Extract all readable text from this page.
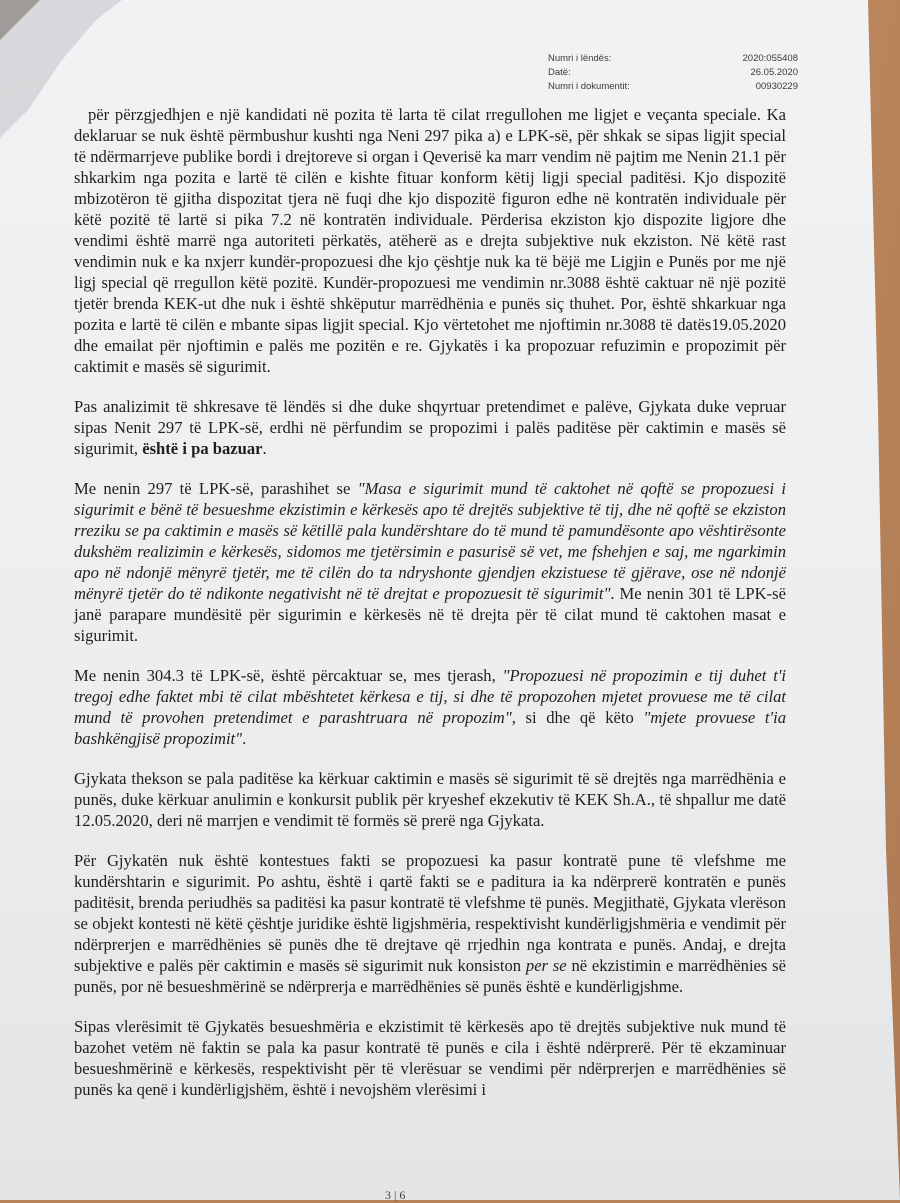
Numri i lëndës:	2020:055408
Datë:	26.05.2020
Numri i dokumentit:	00930229

për përzgjedhjen e një kandidati në pozita të larta të cilat rregullohen me ligjet e veçanta speciale. Ka deklaruar se nuk është përmbushur kushti nga Neni 297 pika a) e LPK-së, për shkak se sipas ligjit special të ndërmarrjeve publike bordi i drejtoreve si organ i Qeverisë ka marr vendim në pajtim me Nenin 21.1 për shkarkim nga pozita e lartë të cilën e kishte fituar konform këtij ligji special paditësi. Kjo dispozitë mbizotëron të gjitha dispozitat tjera në fuqi dhe kjo dispozitë figuron edhe në kontratën individuale për këtë pozitë të lartë si pika 7.2 në kontratën individuale. Përderisa ekziston kjo dispozite ligjore dhe vendimi është marrë nga autoriteti përkatës, atëherë as e drejta subjektive nuk ekziston. Në këtë rast vendimin nuk e ka nxjerr kundër-propozuesi dhe kjo çështje nuk ka të bëjë me Ligjin e Punës por me një ligj special që rregullon këtë pozitë. Kundër-propozuesi me vendimin nr.3088 është caktuar në një pozitë tjetër brenda KEK-ut dhe nuk i është shkëputur marrëdhënia e punës siç thuhet. Por, është shkarkuar nga pozita e lartë të cilën e mbante sipas ligjit special. Kjo vërtetohet me njoftimin nr.3088 të datës19.05.2020 dhe emailat për njoftimin e palës me pozitën e re. Gjykatës i ka propozuar refuzimin e propozimit për caktimit e masës së sigurimit.

Pas analizimit të shkresave të lëndës si dhe duke shqyrtuar pretendimet e palëve, Gjykata duke vepruar sipas Nenit 297 të LPK-së, erdhi në përfundim se propozimi i palës paditëse për caktimin e masës së sigurimit, është i pa bazuar.

Me nenin 297 të LPK-së, parashihet se "Masa e sigurimit mund të caktohet në qoftë se propozuesi i sigurimit e bënë të besueshme ekzistimin e kërkesës apo të drejtës subjektive të tij, dhe në qoftë se ekziston rreziku se pa caktimin e masës së këtillë pala kundërshtare do të mund të pamundësonte apo vështirësonte dukshëm realizimin e kërkesës, sidomos me tjetërsimin e pasurisë së vet, me fshehjen e saj, me ngarkimin apo në ndonjë mënyrë tjetër, me të cilën do ta ndryshonte gjendjen ekzistuese të gjërave, ose në ndonjë mënyrë tjetër do të ndikonte negativisht në të drejtat e propozuesit të sigurimit". Me nenin 301 të LPK-së janë parapare mundësitë për sigurimin e kërkesës në të drejta për të cilat mund të caktohen masat e sigurimit.

Me nenin 304.3 të LPK-së, është përcaktuar se, mes tjerash, "Propozuesi në propozimin e tij duhet t'i tregoj edhe faktet mbi të cilat mbështetet kërkesa e tij, si dhe të propozohen mjetet provuese me të cilat mund të provohen pretendimet e parashtruara në propozim", si dhe që këto "mjete provuese t'ia bashkëngjisë propozimit".

Gjykata thekson se pala paditëse ka kërkuar caktimin e masës së sigurimit të së drejtës nga marrëdhënia e punës, duke kërkuar anulimin e konkursit publik për kryeshef ekzekutiv të KEK Sh.A., të shpallur me datë 12.05.2020, deri në marrjen e vendimit të formës së prerë nga Gjykata.

Për Gjykatën nuk është kontestues fakti se propozuesi ka pasur kontratë pune të vlefshme me kundërshtarin e sigurimit. Po ashtu, është i qartë fakti se e paditura ia ka ndërprerë kontratën e punës paditësit, brenda periudhës sa paditësi ka pasur kontratë të vlefshme të punës. Megjithatë, Gjykata vlerëson se objekt kontesti në këtë çështje juridike është ligjshmëria, respektivisht kundërligjshmëria e vendimit për ndërprerjen e marrëdhënies së punës dhe të drejtave që rrjedhin nga kontrata e punës. Andaj, e drejta subjektive e palës për caktimin e masës së sigurimit nuk konsiston per se në ekzistimin e marrëdhënies së punës, por në besueshmërinë se ndërprerja e marrëdhënies së punës është e kundërligjshme.

Sipas vlerësimit të Gjykatës besueshmëria e ekzistimit të kërkesës apo të drejtës subjektive nuk mund të bazohet vetëm në faktin se pala ka pasur kontratë të punës e cila i është ndërprerë. Për të ekzaminuar besueshmërinë e kërkesës, respektivisht për të vlerësuar se vendimi për ndërprerjen e marrëdhënies së punës ka qenë i kundërligjshëm, është i nevojshëm vlerësimi i

3 | 6
